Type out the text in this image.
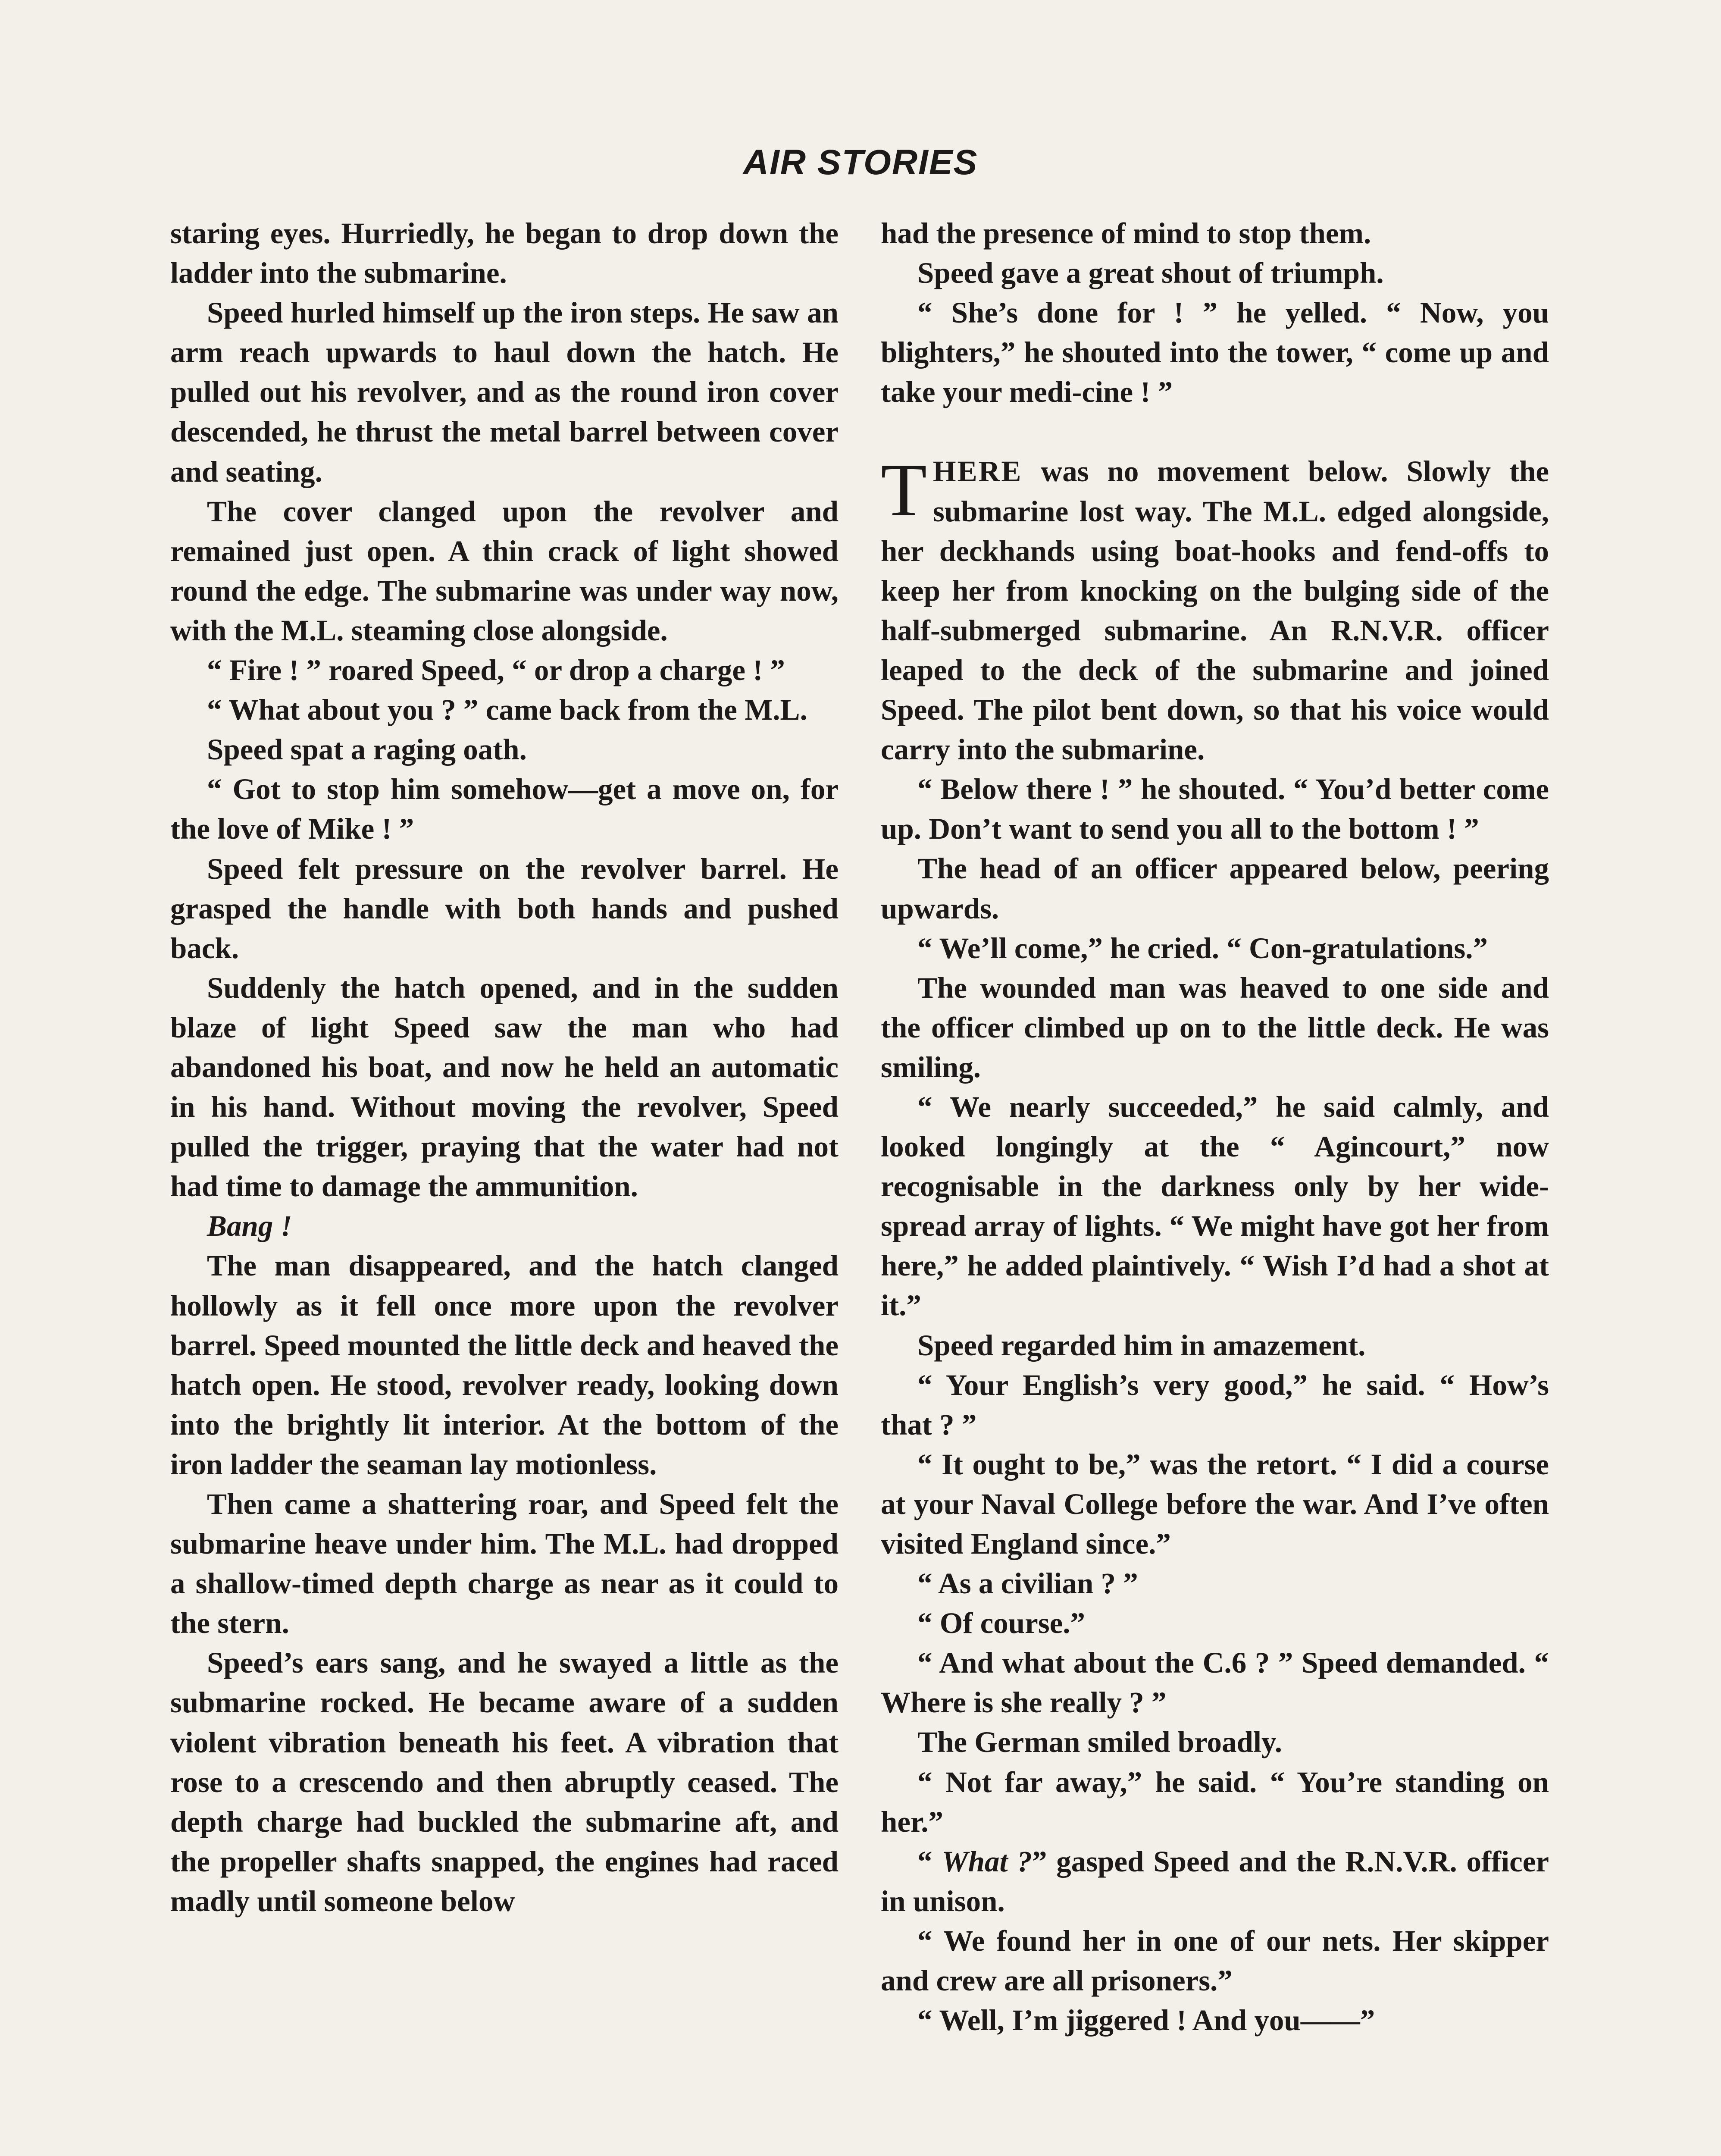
AIR STORIES

staring eyes. Hurriedly, he began to drop down the ladder into the submarine.

Speed hurled himself up the iron steps. He saw an arm reach upwards to haul down the hatch. He pulled out his revolver, and as the round iron cover descended, he thrust the metal barrel between cover and seating.

The cover clanged upon the revolver and remained just open. A thin crack of light showed round the edge. The submarine was under way now, with the M.L. steaming close alongside.

“ Fire ! ” roared Speed, “ or drop a charge ! ”

“ What about you ? ” came back from the M.L.

Speed spat a raging oath.

“ Got to stop him somehow—get a move on, for the love of Mike ! ”

Speed felt pressure on the revolver barrel. He grasped the handle with both hands and pushed back.

Suddenly the hatch opened, and in the sudden blaze of light Speed saw the man who had abandoned his boat, and now he held an automatic in his hand. Without moving the revolver, Speed pulled the trigger, praying that the water had not had time to damage the ammunition.

Bang !

The man disappeared, and the hatch clanged hollowly as it fell once more upon the revolver barrel. Speed mounted the little deck and heaved the hatch open. He stood, revolver ready, looking down into the brightly lit interior. At the bottom of the iron ladder the seaman lay motionless.

Then came a shattering roar, and Speed felt the submarine heave under him. The M.L. had dropped a shallow-timed depth charge as near as it could to the stern.

Speed’s ears sang, and he swayed a little as the submarine rocked. He became aware of a sudden violent vibration beneath his feet. A vibration that rose to a crescendo and then abruptly ceased. The depth charge had buckled the submarine aft, and the propeller shafts snapped, the engines had raced madly until someone below

had the presence of mind to stop them.

Speed gave a great shout of triumph.

“ She’s done for ! ” he yelled. “ Now, you blighters,” he shouted into the tower, “ come up and take your medi-cine ! ”

THERE was no movement below. Slowly the submarine lost way. The M.L. edged alongside, her deckhands using boat-hooks and fend-offs to keep her from knocking on the bulging side of the half-submerged submarine. An R.N.V.R. officer leaped to the deck of the submarine and joined Speed. The pilot bent down, so that his voice would carry into the submarine.

“ Below there ! ” he shouted. “ You’d better come up. Don’t want to send you all to the bottom ! ”

The head of an officer appeared below, peering upwards.

“ We’ll come,” he cried. “ Con-gratulations.”

The wounded man was heaved to one side and the officer climbed up on to the little deck. He was smiling.

“ We nearly succeeded,” he said calmly, and looked longingly at the “ Agincourt,” now recognisable in the darkness only by her wide-spread array of lights. “ We might have got her from here,” he added plaintively. “ Wish I’d had a shot at it.”

Speed regarded him in amazement.

“ Your English’s very good,” he said. “ How’s that ? ”

“ It ought to be,” was the retort. “ I did a course at your Naval College before the war. And I’ve often visited England since.”

“ As a civilian ? ”

“ Of course.”

“ And what about the C.6 ? ” Speed demanded. “ Where is she really ? ”

The German smiled broadly.

“ Not far away,” he said. “ You’re standing on her.”

“ What ?” gasped Speed and the R.N.V.R. officer in unison.

“ We found her in one of our nets. Her skipper and crew are all prisoners.”

“ Well, I’m jiggered ! And you——”
